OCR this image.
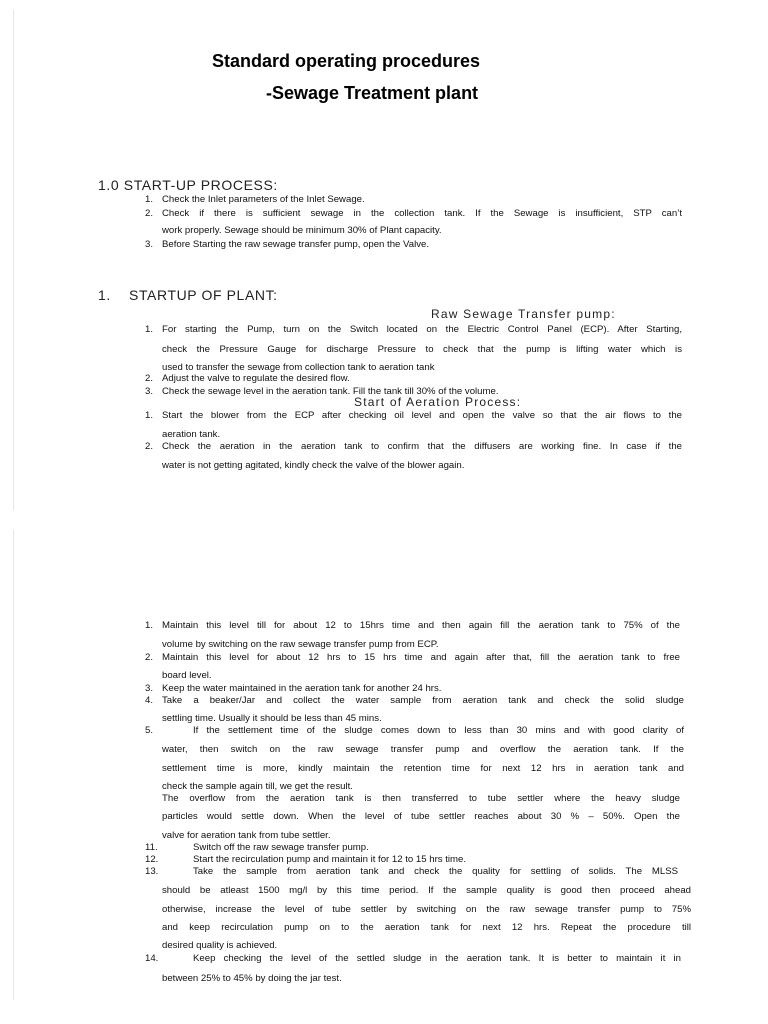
Standard operating procedures
-Sewage Treatment plant
1.0 START-UP PROCESS:
1. Check the Inlet parameters of the Inlet Sewage.
2. Check if there is sufficient sewage in the collection tank. If the Sewage is insufficient, STP can’t
work properly. Sewage should be minimum 30% of Plant capacity.
3. Before Starting the raw sewage transfer pump, open the Valve.
1. STARTUP OF PLANT:
Raw Sewage Transfer pump:
1. For starting the Pump, turn on the Switch located on the Electric Control Panel (ECP). After Starting,
check the Pressure Gauge for discharge Pressure to check that the pump is lifting water which is
used to transfer the sewage from collection tank to aeration tank
2. Adjust the valve to regulate the desired flow.
3. Check the sewage level in the aeration tank. Fill the tank till 30% of the volume.
Start of Aeration Process:
1. Start the blower from the ECP after checking oil level and open the valve so that the air flows to the
aeration tank.
2. Check the aeration in the aeration tank to confirm that the diffusers are working fine. In case if the
water is not getting agitated, kindly check the valve of the blower again.
1. Maintain this level till for about 12 to 15hrs time and then again fill the aeration tank to 75% of the
volume by switching on the raw sewage transfer pump from ECP.
2. Maintain this level for about 12 hrs to 15 hrs time and again after that, fill the aeration tank to free
board level.
3. Keep the water maintained in the aeration tank for another 24 hrs.
4. Take a beaker/Jar and collect the water sample from aeration tank and check the solid sludge
settling time. Usually it should be less than 45 mins.
5.	If the settlement time of the sludge comes down to less than 30 mins and with good clarity of
water, then switch on the raw sewage transfer pump and overflow the aeration tank. If the
settlement time is more, kindly maintain the retention time for next 12 hrs in aeration tank and
check the sample again till, we get the result.
The overflow from the aeration tank is then transferred to tube settler where the heavy sludge
particles would settle down. When the level of tube settler reaches about 30 % – 50%. Open the
valve for aeration tank from tube settler.
11.	Switch off the raw sewage transfer pump.
12.	Start the recirculation pump and maintain it for 12 to 15 hrs time.
13.	Take the sample from aeration tank and check the quality for settling of solids. The MLSS
should be atleast 1500 mg/l by this time period. If the sample quality is good then proceed ahead
otherwise, increase the level of tube settler by switching on the raw sewage transfer pump to 75%
and keep recirculation pump on to the aeration tank for next 12 hrs. Repeat the procedure till
desired quality is achieved.
14.	Keep checking the level of the settled sludge in the aeration tank. It is better to maintain it in
between 25% to 45% by doing the jar test.
